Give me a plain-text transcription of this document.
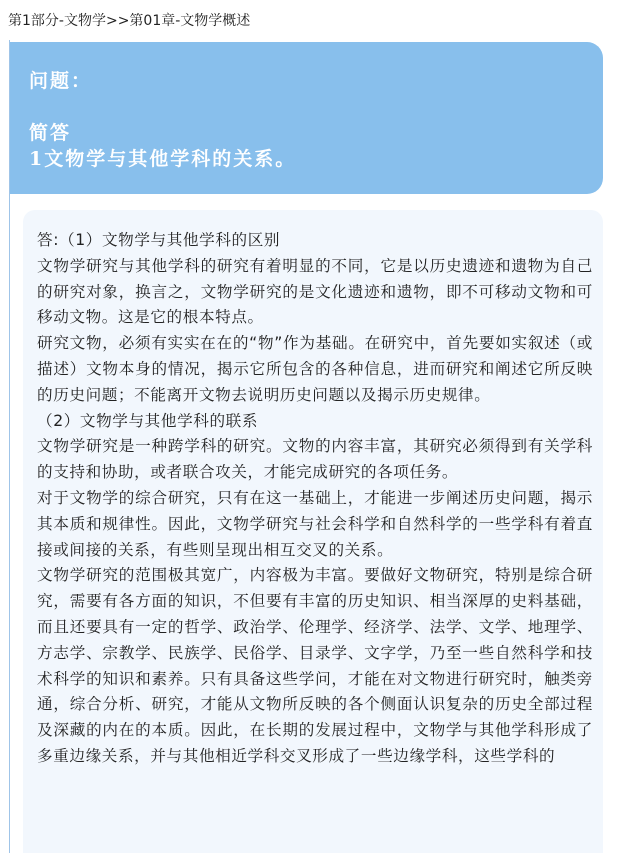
第1部分-文物学>>第01章-文物学概述
问题：
简答
1文物学与其他学科的关系。

答:（1）文物学与其他学科的区别

文物学研究与其他学科的研究有着明显的不同，它是以历史遗迹和遗物为自己的研究对象，换言之，文物学研究的是文化遗迹和遗物，即不可移动文物和可移动文物。这是它的根本特点。

研究文物，必须有实实在在的“物”作为基础。在研究中，首先要如实叙述（或描述）文物本身的情况，揭示它所包含的各种信息，进而研究和阐述它所反映的历史问题；不能离开文物去说明历史问题以及揭示历史规律。

（2）文物学与其他学科的联系

文物学研究是一种跨学科的研究。文物的内容丰富，其研究必须得到有关学科的支持和协助，或者联合攻关，才能完成研究的各项任务。

对于文物学的综合研究，只有在这一基础上，才能进一步阐述历史问题，揭示其本质和规律性。因此，文物学研究与社会科学和自然科学的一些学科有着直接或间接的关系，有些则呈现出相互交叉的关系。

文物学研究的范围极其宽广，内容极为丰富。要做好文物研究，特别是综合研究，需要有各方面的知识，不但要有丰富的历史知识、相当深厚的史料基础，而且还要具有一定的哲学、政治学、伦理学、经济学、法学、文学、地理学、方志学、宗教学、民族学、民俗学、目录学、文字学，乃至一些自然科学和技术科学的知识和素养。只有具备这些学问，才能在对文物进行研究时，触类旁通，综合分析、研究，才能从文物所反映的各个侧面认识复杂的历史全部过程及深藏的内在的本质。因此，在长期的发展过程中，文物学与其他学科形成了多重边缘关系，并与其他相近学科交叉形成了一些边缘学科，这些学科的
